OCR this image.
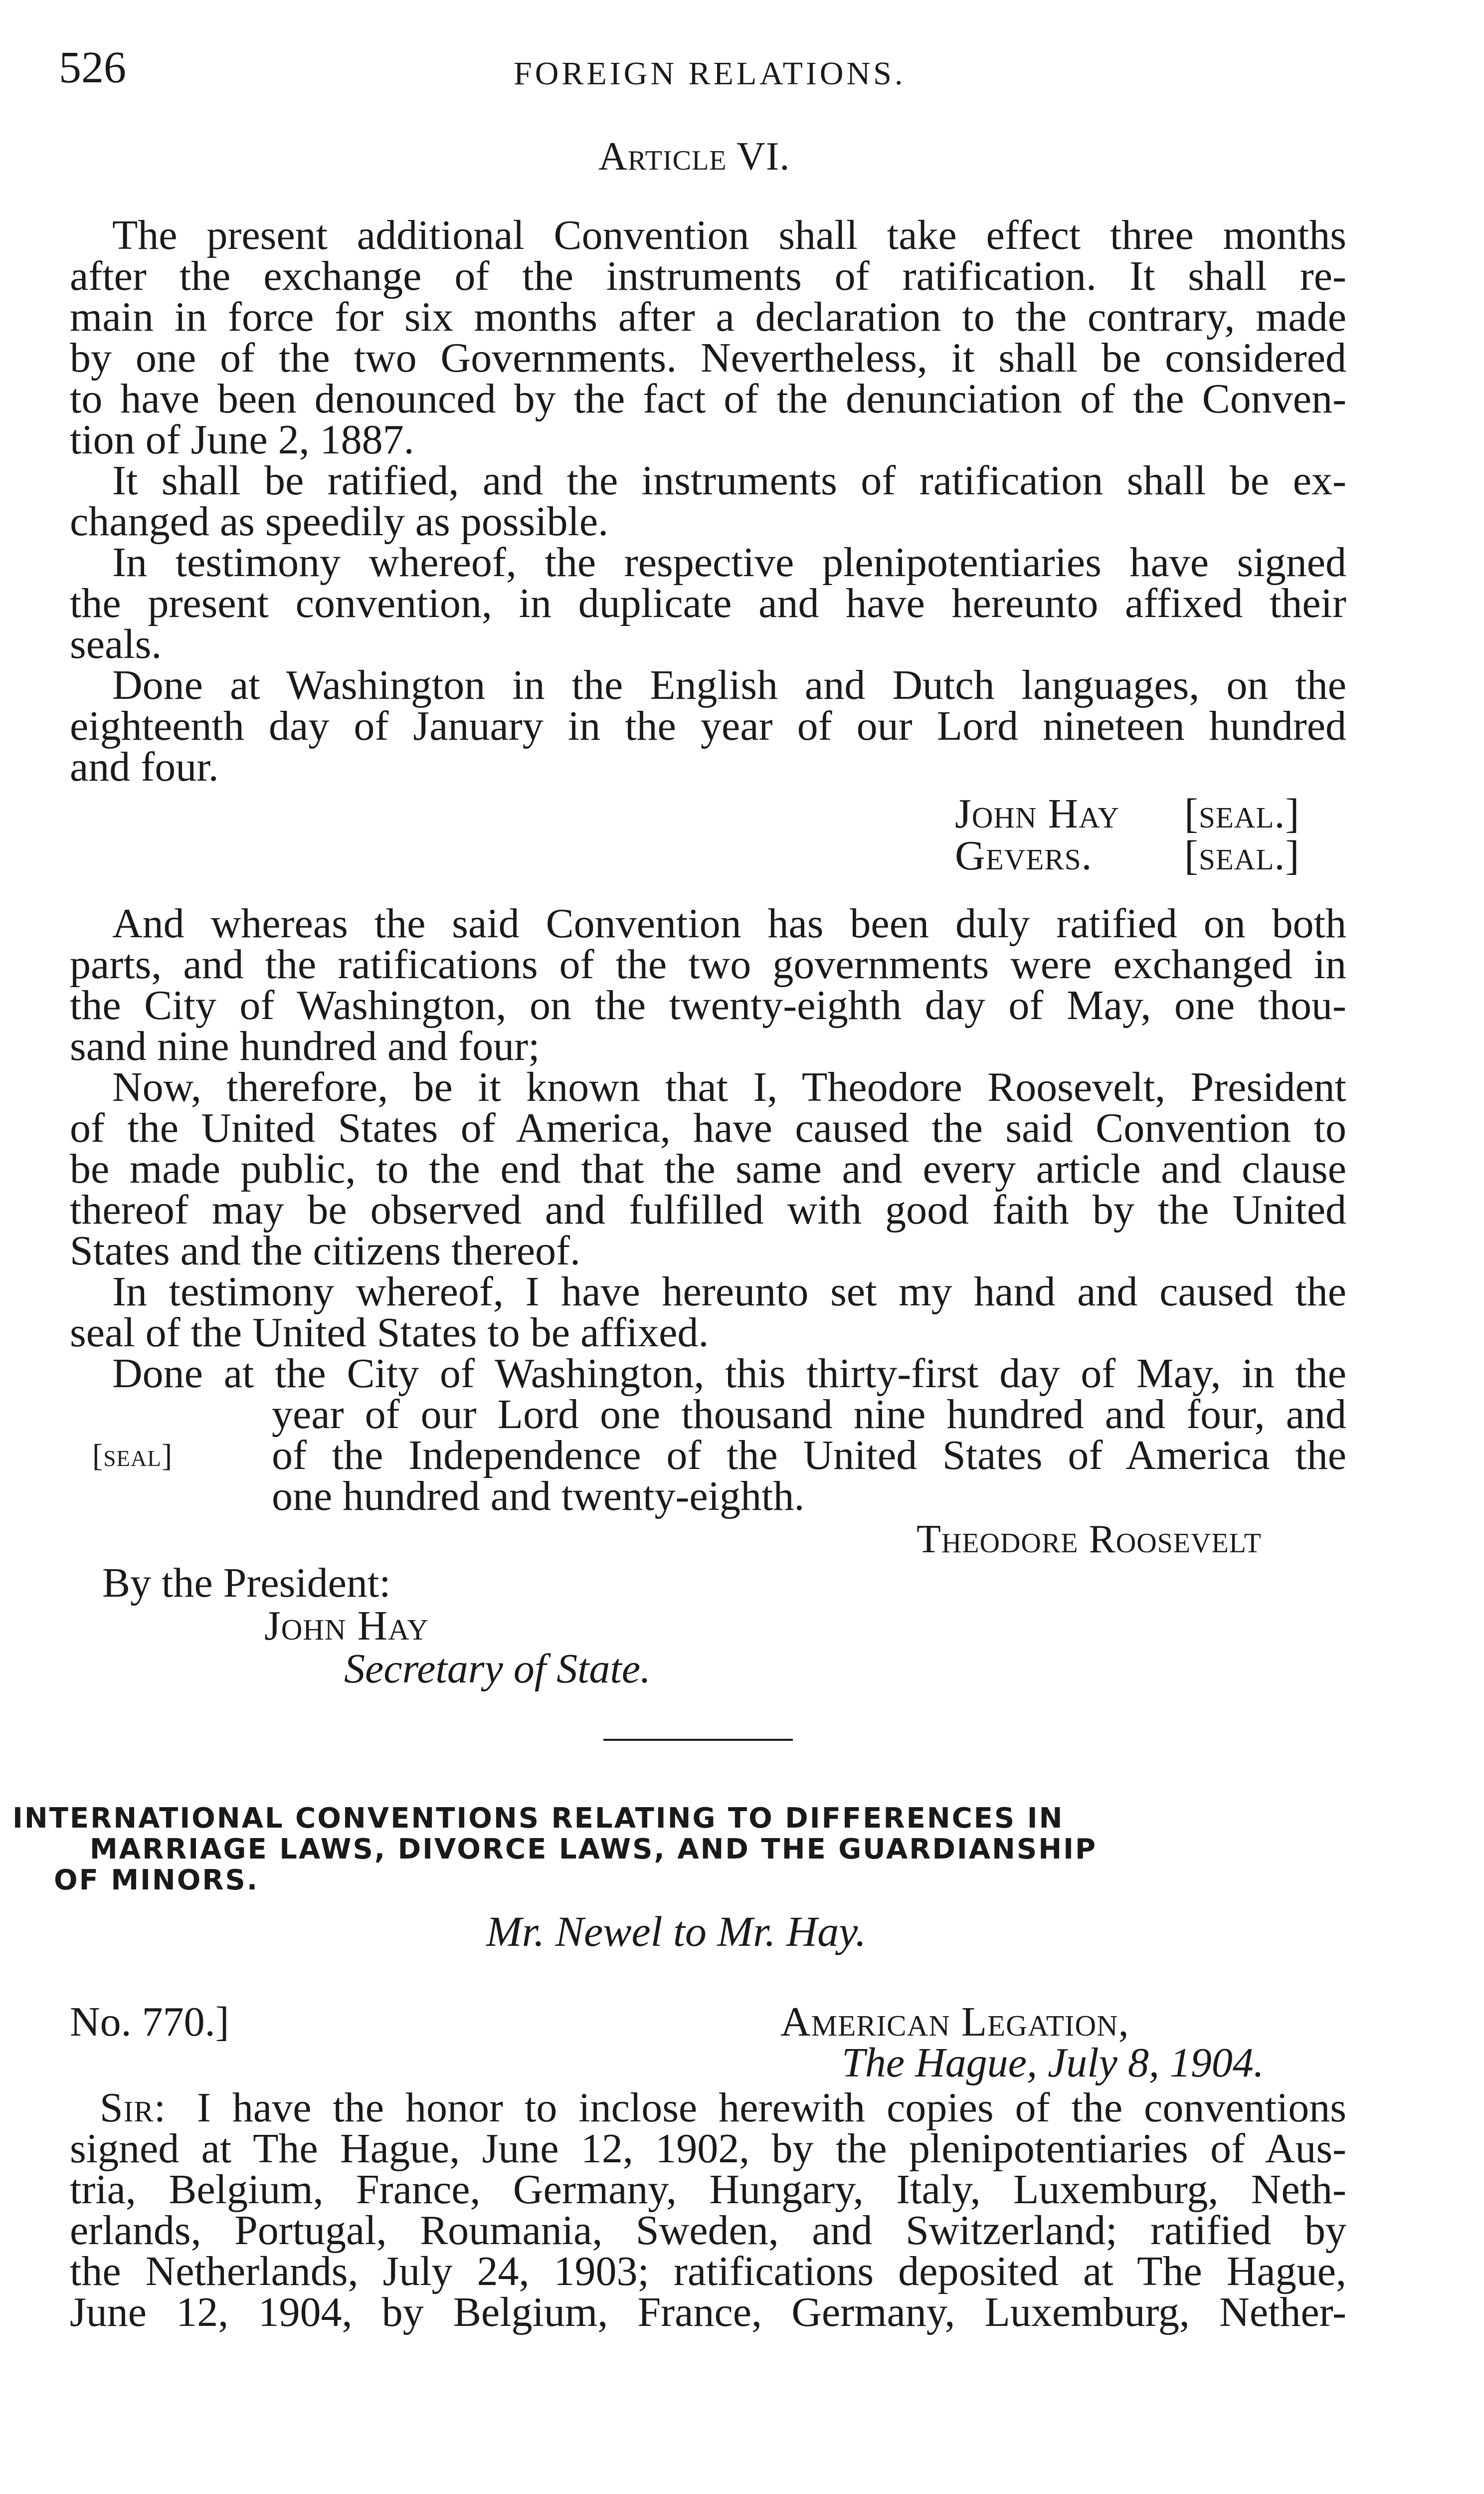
526	FOREIGN RELATIONS.

Article VI.

The present additional Convention shall take effect three months

after the exchange of the instruments of ratification. It shall re-

main in force for six months after a declaration to the contrary, made

by one of the two Governments. Nevertheless, it shall be considered

to have been denounced by the fact of the denunciation of the Conven-

tion of June 2, 1887.

It shall be ratified, and the instruments of ratification shall be ex-

changed as speedily as possible.

In testimony whereof, the respective plenipotentiaries have signed

the present convention, in duplicate and have hereunto affixed their

seals.

Done at Washington in the English and Dutch languages, on the

eighteenth day of January in the year of our Lord nineteen hundred

and four.

John Hay [seal.]

Gevers. [seal.]

And whereas the said Convention has been duly ratified on both

parts, and the ratifications of the two governments were exchanged in

the City of Washington, on the twenty-eighth day of May, one thou-

sand nine hundred and four;

Now, therefore, be it known that I, Theodore Roosevelt, President

of the United States of America, have caused the said Convention to

be made public, to the end that the same and every article and clause

thereof may be observed and fulfilled with good faith by the United

States and the citizens thereof.

In testimony whereof, I have hereunto set my hand and caused the

seal of the United States to be affixed.

Done at the City of Washington, this thirty-first day of May, in the

year of our Lord one thousand nine hundred and four, and

[seal] of the Independence of the United States of America the

one hundred and twenty-eighth.

Theodore Roosevelt

By the President:

John Hay

Secretary of State.

INTERNATIONAL CONVENTIONS RELATING TO DIFFERENCES IN

MARRIAGE LAWS, DIVORCE LAWS, AND THE GUARDIANSHIP

OF MINORS.

Mr. Newel to Mr. Hay.

No. 770.]	American Legation,

The Hague, July 8, 1904.

Sir: I have the honor to inclose herewith copies of the conventions

signed at The Hague, June 12, 1902, by the plenipotentiaries of Aus-

tria, Belgium, France, Germany, Hungary, Italy, Luxemburg, Neth-

erlands, Portugal, Roumania, Sweden, and Switzerland; ratified by

the Netherlands, July 24, 1903; ratifications deposited at The Hague,

June 12, 1904, by Belgium, France, Germany, Luxemburg, Nether-
